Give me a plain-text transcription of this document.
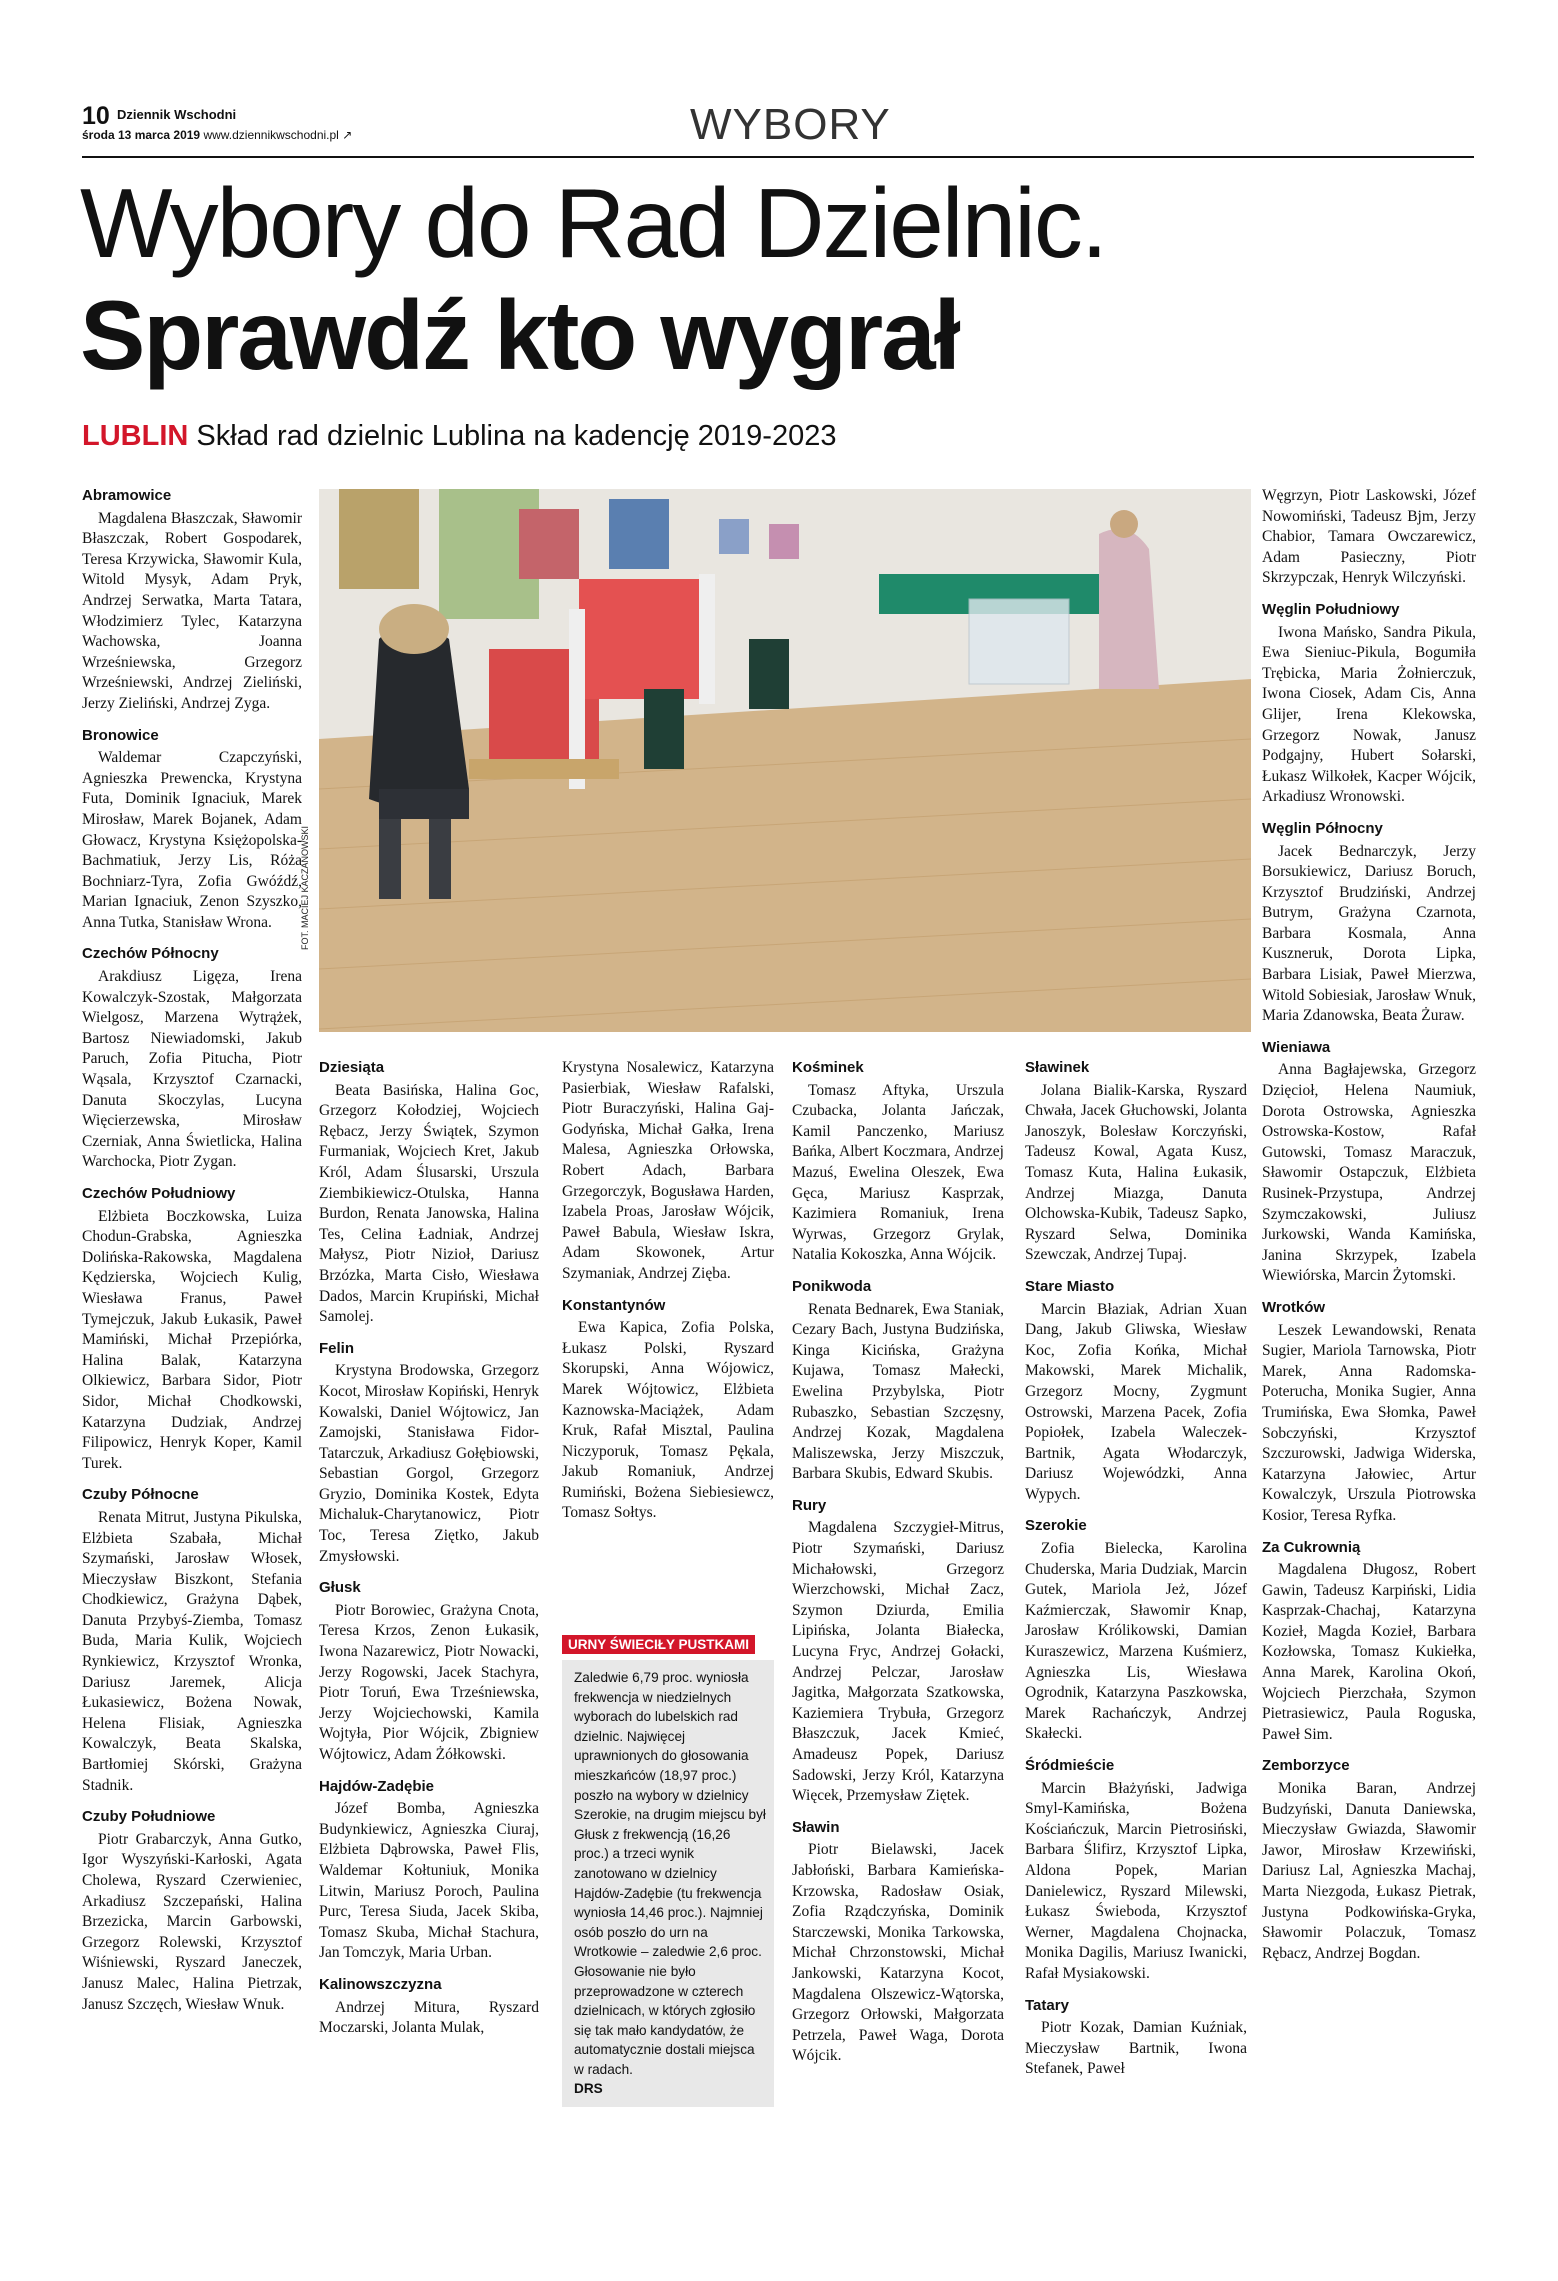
10 Dziennik Wschodni
środa 13 marca 2019 www.dziennikwschodni.pl ↗	WYBORY
Wybory do Rad Dzielnic.
Sprawdź kto wygrał
LUBLIN Skład rad dzielnic Lublina na kadencję 2019-2023
FOT. MACIEJ KACZANOWSKI
Abramowice
Magdalena Błaszczak, Sławomir Błaszczak, Robert Gospodarek, Teresa Krzywicka, Sławomir Kula, Witold Mysyk, Adam Pryk, Andrzej Serwatka, Marta Tatara, Włodzimierz Tylec, Katarzyna Wachowska, Joanna Wrześniewska, Grzegorz Wrześniewski, Andrzej Zieliński, Jerzy Zieliński, Andrzej Zyga.
Bronowice
Waldemar Czapczyński, Agnieszka Prewencka, Krystyna Futa, Dominik Ignaciuk, Marek Mirosław, Marek Bojanek, Adam Głowacz, Krystyna Księżopolska-Bachmatiuk, Jerzy Lis, Róża Bochniarz-Tyra, Zofia Gwóźdź, Marian Ignaciuk, Zenon Szyszko, Anna Tutka, Stanisław Wrona.
Czechów Północny
Arakdiusz Ligęza, Irena Kowalczyk-Szostak, Małgorzata Wielgosz, Marzena Wytrążek, Bartosz Niewiadomski, Jakub Paruch, Zofia Pitucha, Piotr Wąsala, Krzysztof Czarnacki, Danuta Skoczylas, Lucyna Więcierzewska, Mirosław Czerniak, Anna Świetlicka, Halina Warchocka, Piotr Zygan.
Czechów Południowy
Elżbieta Boczkowska, Luiza Chodun-Grabska, Agnieszka Dolińska-Rakowska, Magdalena Kędzierska, Wojciech Kulig, Wiesława Franus, Paweł Tymejczuk, Jakub Łukasik, Paweł Mamiński, Michał Przepiórka, Halina Balak, Katarzyna Olkiewicz, Barbara Sidor, Piotr Sidor, Michał Chodkowski, Katarzyna Dudziak, Andrzej Filipowicz, Henryk Koper, Kamil Turek.
Czuby Północne
Renata Mitrut, Justyna Pikulska, Elżbieta Szabała, Michał Szymański, Jarosław Włosek, Mieczysław Biszkont, Stefania Chodkiewicz, Grażyna Dąbek, Danuta Przybyś-Ziemba, Tomasz Buda, Maria Kulik, Wojciech Rynkiewicz, Krzysztof Wronka, Dariusz Jaremek, Alicja Łukasiewicz, Bożena Nowak, Helena Flisiak, Agnieszka Kowalczyk, Beata Skalska, Bartłomiej Skórski, Grażyna Stadnik.
Czuby Południowe
Piotr Grabarczyk, Anna Gutko, Igor Wyszyński-Karłoski, Agata Cholewa, Ryszard Czerwieniec, Arkadiusz Szczepański, Halina Brzezicka, Marcin Garbowski, Grzegorz Rolewski, Krzysztof Wiśniewski, Ryszard Janeczek, Janusz Malec, Halina Pietrzak, Janusz Szczęch, Wiesław Wnuk.
Dziesiąta
Beata Basińska, Halina Goc, Grzegorz Kołodziej, Wojciech Rębacz, Jerzy Świątek, Szymon Furmaniak, Wojciech Kret, Jakub Król, Adam Ślusarski, Urszula Ziembikiewicz-Otulska, Hanna Burdon, Renata Janowska, Halina Tes, Celina Ładniak, Andrzej Małysz, Piotr Nizioł, Dariusz Brzózka, Marta Cisło, Wiesława Dados, Marcin Krupiński, Michał Samolej.
Felin
Krystyna Brodowska, Grzegorz Kocot, Mirosław Kopiński, Henryk Kowalski, Daniel Wójtowicz, Jan Zamojski, Stanisława Fidor-Tatarczuk, Arkadiusz Gołębiowski, Sebastian Gorgol, Grzegorz Gryzio, Dominika Kostek, Edyta Michaluk-Charytanowicz, Piotr Toc, Teresa Ziętko, Jakub Zmysłowski.
Głusk
Piotr Borowiec, Grażyna Cnota, Teresa Krzos, Zenon Łukasik, Iwona Nazarewicz, Piotr Nowacki, Jerzy Rogowski, Jacek Stachyra, Piotr Toruń, Ewa Trześniewska, Jerzy Wojciechowski, Kamila Wojtyła, Pior Wójcik, Zbigniew Wójtowicz, Adam Żółkowski.
Hajdów-Zadębie
Józef Bomba, Agnieszka Budynkiewicz, Agnieszka Ciuraj, Elżbieta Dąbrowska, Paweł Flis, Waldemar Kołtuniuk, Monika Litwin, Mariusz Poroch, Paulina Purc, Teresa Siuda, Jacek Skiba, Tomasz Skuba, Michał Stachura, Jan Tomczyk, Maria Urban.
Kalinowszczyzna
Andrzej Mitura, Ryszard Moczarski, Jolanta Mulak,
Krystyna Nosalewicz, Katarzyna Pasierbiak, Wiesław Rafalski, Piotr Buraczyński, Halina Gaj-Godyńska, Michał Gałka, Irena Malesa, Agnieszka Orłowska, Robert Adach, Barbara Grzegorczyk, Bogusława Harden, Izabela Proas, Jarosław Wójcik, Paweł Babula, Wiesław Iskra, Adam Skowonek, Artur Szymaniak, Andrzej Zięba.
Konstantynów
Ewa Kapica, Zofia Polska, Łukasz Polski, Ryszard Skorupski, Anna Wójowicz, Marek Wójtowicz, Elżbieta Kaznowska-Maciążek, Adam Kruk, Rafał Misztal, Paulina Niczyporuk, Tomasz Pękala, Jakub Romaniuk, Andrzej Rumiński, Bożena Siebiesiewcz, Tomasz Sołtys.
URNY ŚWIECIŁY PUSTKAMI
Zaledwie 6,79 proc. wyniosła frekwencja w niedzielnych wyborach do lubelskich rad dzielnic. Najwięcej uprawnionych do głosowania mieszkańców (18,97 proc.) poszło na wybory w dzielnicy Szerokie, na drugim miejscu był Głusk z frekwencją (16,26 proc.) a trzeci wynik zanotowano w dzielnicy Hajdów-Zadębie (tu frekwencja wyniosła 14,46 proc.). Najmniej osób poszło do urn na Wrotkowie – zaledwie 2,6 proc. Głosowanie nie było przeprowadzone w czterech dzielnicach, w których zgłosiło się tak mało kandydatów, że automatycznie dostali miejsca w radach.
DRS
Kośminek
Tomasz Aftyka, Urszula Czubacka, Jolanta Jańczak, Kamil Panczenko, Mariusz Bańka, Albert Koczmara, Andrzej Mazuś, Ewelina Oleszek, Ewa Gęca, Mariusz Kasprzak, Kazimiera Romaniuk, Irena Wyrwas, Grzegorz Grylak, Natalia Kokoszka, Anna Wójcik.
Ponikwoda
Renata Bednarek, Ewa Staniak, Cezary Bach, Justyna Budzińska, Kinga Kicińska, Grażyna Kujawa, Tomasz Małecki, Ewelina Przybylska, Piotr Rubaszko, Sebastian Szczęsny, Andrzej Kozak, Magdalena Maliszewska, Jerzy Miszczuk, Barbara Skubis, Edward Skubis.
Rury
Magdalena Szczygieł-Mitrus, Piotr Szymański, Dariusz Michałowski, Grzegorz Wierzchowski, Michał Zacz, Szymon Dziurda, Emilia Lipińska, Jolanta Białecka, Lucyna Fryc, Andrzej Gołacki, Andrzej Pelczar, Jarosław Jagitka, Małgorzata Szatkowska, Kaziemiera Trybuła, Grzegorz Błaszczuk, Jacek Kmieć, Amadeusz Popek, Dariusz Sadowski, Jerzy Król, Katarzyna Więcek, Przemysław Ziętek.
Sławin
Piotr Bielawski, Jacek Jabłoński, Barbara Kamieńska-Krzowska, Radosław Osiak, Zofia Rządczyńska, Dominik Starczewski, Monika Tarkowska, Michał Chrzonstowski, Michał Jankowski, Katarzyna Kocot, Magdalena Olszewicz-Wątorska, Grzegorz Orłowski, Małgorzata Petrzela, Paweł Waga, Dorota Wójcik.
Sławinek
Jolana Bialik-Karska, Ryszard Chwała, Jacek Głuchowski, Jolanta Janoszyk, Bolesław Korczyński, Tadeusz Kowal, Agata Kusz, Tomasz Kuta, Halina Łukasik, Andrzej Miazga, Danuta Olchowska-Kubik, Tadeusz Sapko, Ryszard Selwa, Dominika Szewczak, Andrzej Tupaj.
Stare Miasto
Marcin Błaziak, Adrian Xuan Dang, Jakub Gliwska, Wiesław Koc, Zofia Końka, Michał Makowski, Marek Michalik, Grzegorz Mocny, Zygmunt Ostrowski, Marzena Pacek, Zofia Popiołek, Izabela Waleczek-Bartnik, Agata Włodarczyk, Dariusz Wojewódzki, Anna Wypych.
Szerokie
Zofia Bielecka, Karolina Chuderska, Maria Dudziak, Marcin Gutek, Mariola Jeż, Józef Kaźmierczak, Sławomir Knap, Jarosław Królikowski, Damian Kuraszewicz, Marzena Kuśmierz, Agnieszka Lis, Wiesława Ogrodnik, Katarzyna Paszkowska, Marek Rachańczyk, Andrzej Skałecki.
Śródmieście
Marcin Błażyński, Jadwiga Smyl-Kamińska, Bożena Kościańczuk, Marcin Pietrosiński, Barbara Ślifirz, Krzysztof Lipka, Aldona Popek, Marian Danielewicz, Ryszard Milewski, Łukasz Świeboda, Krzysztof Werner, Magdalena Chojnacka, Monika Dagilis, Mariusz Iwanicki, Rafał Mysiakowski.
Tatary
Piotr Kozak, Damian Kuźniak, Mieczysław Bartnik, Iwona Stefanek, Paweł
Węgrzyn, Piotr Laskowski, Józef Nowomiński, Tadeusz Bjm, Jerzy Chabior, Tamara Owczarewicz, Adam Pasieczny, Piotr Skrzypczak, Henryk Wilczyński.
Węglin Południowy
Iwona Mańsko, Sandra Pikula, Ewa Sieniuc-Pikula, Bogumiła Trębicka, Maria Żołnierczuk, Iwona Ciosek, Adam Cis, Anna Glijer, Irena Klekowska, Grzegorz Nowak, Janusz Podgajny, Hubert Sołarski, Łukasz Wilkołek, Kacper Wójcik, Arkadiusz Wronowski.
Węglin Północny
Jacek Bednarczyk, Jerzy Borsukiewicz, Dariusz Boruch, Krzysztof Brudziński, Andrzej Butrym, Grażyna Czarnota, Barbara Kosmala, Anna Kuszneruk, Dorota Lipka, Barbara Lisiak, Paweł Mierzwa, Witold Sobiesiak, Jarosław Wnuk, Maria Zdanowska, Beata Żuraw.
Wieniawa
Anna Bagłajewska, Grzegorz Dzięcioł, Helena Naumiuk, Dorota Ostrowska, Agnieszka Ostrowska-Kostow, Rafał Gutowski, Tomasz Maraczuk, Sławomir Ostapczuk, Elżbieta Rusinek-Przystupa, Andrzej Szymczakowski, Juliusz Jurkowski, Wanda Kamińska, Janina Skrzypek, Izabela Wiewiórska, Marcin Żytomski.
Wrotków
Leszek Lewandowski, Renata Sugier, Mariola Tarnowska, Piotr Marek, Anna Radomska-Poterucha, Monika Sugier, Anna Trumińska, Ewa Słomka, Paweł Sobczyński, Krzysztof Szczurowski, Jadwiga Widerska, Katarzyna Jałowiec, Artur Kowalczyk, Urszula Piotrowska Kosior, Teresa Ryfka.
Za Cukrownią
Magdalena Długosz, Robert Gawin, Tadeusz Karpiński, Lidia Kasprzak-Chachaj, Katarzyna Kozieł, Magda Kozieł, Barbara Kozłowska, Tomasz Kukiełka, Anna Marek, Karolina Okoń, Wojciech Pierzchała, Szymon Pietrasiewicz, Paula Roguska, Paweł Sim.
Zemborzyce
Monika Baran, Andrzej Budzyński, Danuta Daniewska, Mieczysław Gwiazda, Sławomir Jawor, Mirosław Krzewiński, Dariusz Lal, Agnieszka Machaj, Marta Niezgoda, Łukasz Pietrak, Justyna Podkowińska-Gryka, Sławomir Polaczuk, Tomasz Rębacz, Andrzej Bogdan.
